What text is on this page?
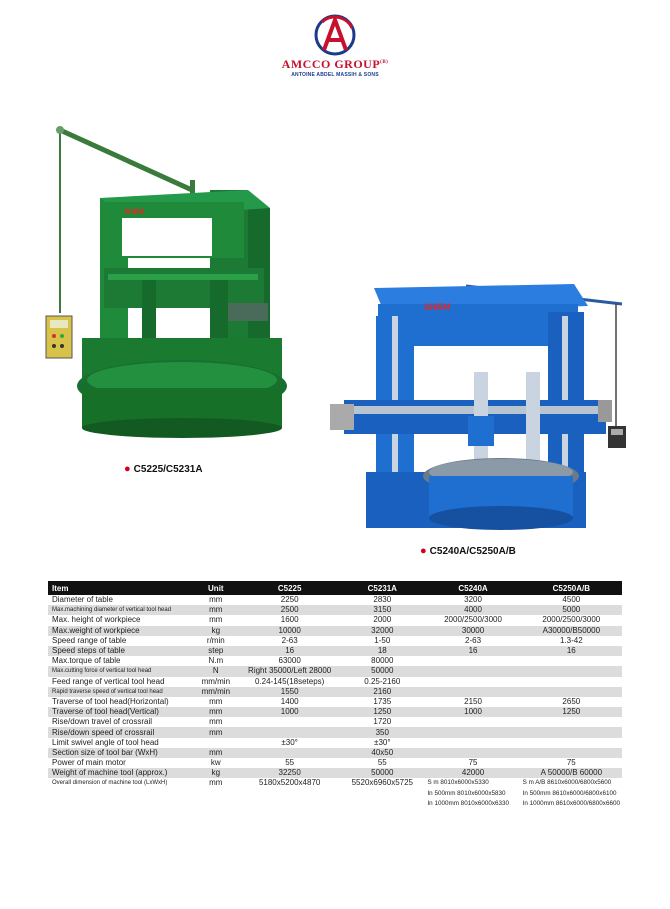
AMCCO $GROUP^{(B)}$
ANTOINE ABDEL MASSIH & SONS
SHEM
● C5225/C5231A
SHEM
● C5240A/C5250A/B
Item	Unit	C5225	C5231A	C5240A	C5250A/B
Diameter of table	mm	2250	2830	3200	4500
Max.machining diameter of vertical tool head	mm	2500	3150	4000	5000
Max. height of workpiece	mm	1600	2000	2000/2500/3000	2000/2500/3000
Max.weight of workpiece	kg	10000	32000	30000	A30000/B50000
Speed range of table	r/min	2-63	1-50	2-63	1.3-42
Speed steps of table	step	16	18	16	16
Max.torque of table	N.m	63000	80000		
Max.cutting force of vertical tool head	N	Right 35000/Left 28000	50000		
Feed range of vertical tool head	mm/min	0.24-145(18seteps)	0.25-2160		
Rapid traverse speed of vertical tool head	mm/min	1550	2160		
Traverse of tool head(Horizontal)	mm	1400	1735	2150	2650
Traverse of tool head(Vertical)	mm	1000	1250	1000	1250
Rise/down travel of crossrail	mm		1720		
Rise/down speed of crossrail	mm		350		
Limit swivel angle of tool head		±30°	±30°		
Section size of tool bar (WxH)	mm		40x50		
Power of main motor	kw	55	55	75	75
Weight of machine tool (approx.)	kg	32250	50000	42000	A 50000/B 60000
Overall dimension of machine tool (LxWxH)	mm	5180x5200x4870	5520x6960x5725	S m 8010x6000x5330	S m A/B 8610x6000/6800x5600
				In 500mm 8010x6000x5830	In 500mm 8610x6000/6800x6100
				In 1000mm 8010x6000x6330	In 1000mm 8610x6000/6800x6600
